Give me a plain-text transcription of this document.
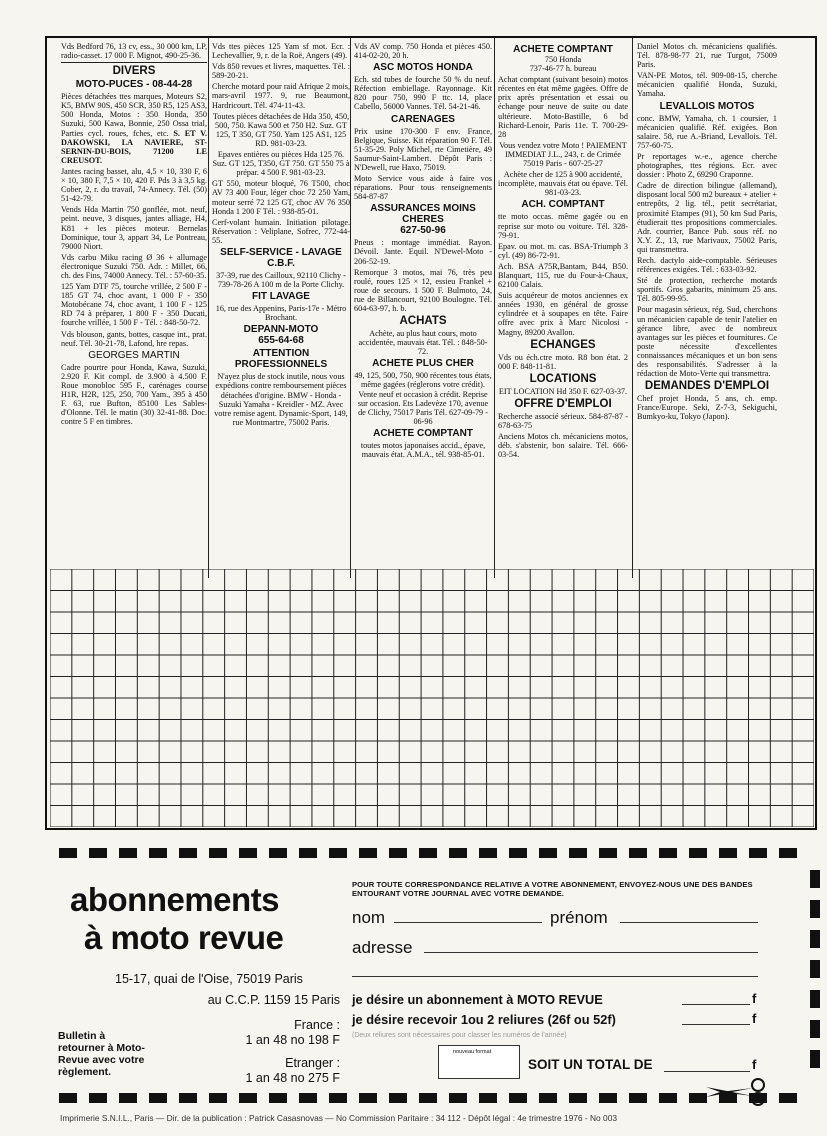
Vds Bedford 76, 13 cv, ess., 30 000 km, LP, radio-casset. 17 000 F. Mignot, 490-25-36.

DIVERS
MOTO-PUCES - 08-44-28

Pièces détachées ttes marques, Moteurs S2, K5, BMW 90S, 450 SCR, 350 R5, 125 AS3, 500 Honda, Motos : 350 Honda, 350 Suzuki, 500 Kawa, Bonnie, 250 Ossa trial, Parties cycl. roues, fches, etc. S. ET V. DAKOWSKI, LA NAVIERE, ST-SERNIN-DU-BOIS, 71200 LE CREUSOT.

Jantes racing basset, alu, 4,5 × 10, 330 F, 6 × 10, 380 F, 7,5 × 10, 420 F. Pds 3 à 3,5 kg. Cober, 2, r. du travail, 74-Annecy. Tél. (50) 51-42-79.

Vends Hda Martin 750 gonflée, mot. neuf, peint. neuve, 3 disques, jantes alliage, H4, K81 + les pièces moteur. Bernelas Dominique, tour 3, appart 34, Le Pontreau, 79000 Niort.

Vds carbu Miku racing Ø 36 + allumage électronique Suzuki 750. Adr. : Millet, 66, ch. des Fins, 74000 Annecy. Tél. : 57-60-35.

125 Yam DTF 75, tourche vrillée, 2 500 F - 185 GT 74, choc avant, 1 000 F - 350 Motobécane 74, choc avant, 1 100 F - 125 RD 74 à préparer, 1 800 F - 350 Ducati, fourche vrillée, 1 500 F - Tél. : 848-50-72.

Vds blouson, gants, bottes, casque int., prat. neuf. Tél. 30-21-78, Lafond, hre repas.

GEORGES MARTIN

Cadre pourtre pour Honda, Kawa, Suzuki, 2.920 F. Kit compl. de 3.900 à 4.500 F. Roue monobloc 595 F., carénages course H1R, H2R, 125, 250, 700 Yam., 395 à 450 F. 63, rue Bufton, 85100 Les Sables-d'Olonne. Tél. le matin (30) 32-41-88. Doc. contre 5 F en timbres.

Vds ttes pièces 125 Yam sf mot. Ecr. : Lechevallier, 9, r. de la Roë, Angers (49).

Vds 850 revues et livres, maquettes. Tél. : 589-20-21.

Cherche motard pour raid Afrique 2 mois, mars-avril 1977. 9, rue Beaumont, Hardricourt. Tél. 474-11-43.

Toutes pièces détachées de Hda 350, 450, 500, 750. Kawa 500 et 750 H2. Suz. GT 125, T 350, GT 750. Yam 125 AS1, 125 RD. 981-03-23.

Epaves entières ou pièces Hda 125 76. Suz. GT 125, T350, GT 750. GT 550 75 à prépar. 4 500 F. 981-03-23.

GT 550, moteur bloqué, 76 T500, choc AV 73 400 Four, léger choc 72 250 Yam, moteur serré 72 125 GT, choc AV 76 350 Honda 1 200 F Tél. : 938-85-01.

Cerf-volant humain. Initiation pilotage. Réservation : Veliplane, Sofrec, 772-44-55.

SELF-SERVICE - LAVAGE C.B.F.

37-39, rue des Cailloux, 92110 Clichy - 739-78-26 A 100 m de la Porte Clichy.

FIT LAVAGE

16, rue des Appenins, Paris-17e - Métro Brochant.

DEPANN-MOTO
655-64-68
ATTENTION PROFESSIONNELS

N'ayez plus de stock inutile, nous vous expédions contre remboursement pièces détachées d'origine. BMW - Honda - Suzuki Yamaha - Kreidler - MZ. Avec votre remise agent. Dynamic-Sport, 149, rue Montmartre, 75002 Paris.

Vds AV comp. 750 Honda et pièces 450. 414-02-20, 20 h.

ASC MOTOS HONDA

Ech. std tubes de fourche 50 % du neuf. Réfection embiellage. Rayonnage. Kit 820 pour 750, 990 F ttc. 14, place Cabello, 56000 Vannes. Tél. 54-21-46.

CARENAGES

Prix usine 170-300 F env. France, Belgique, Suisse. Kit réparation 90 F. Tél. 51-35-29. Poly Michel, rte Cimetière, 49 Saumur-Saint-Lambert. Dépôt Paris : N'Dewell, rue Haxo, 75019.

Moto Service vous aide à faire vos réparations. Pour tous renseignements 584-87-87

ASSURANCES MOINS CHERES
627-50-96

Pneus : montage immédiat. Rayon. Dévoil. Jante. Equil. N'Dewel-Moto - 206-52-19.

Remorque 3 motos, mai 76, très peu roulé, roues 125 × 12, essieu Frankel + roue de secours. 1 500 F. Bulmoto, 24, rue de Billancourt, 92100 Boulogne. Tél. 604-63-97, h. b.

ACHATS

Achète, au plus haut cours, moto accidentée, mauvais état. Tél. : 848-50-72.

ACHETE PLUS CHER

49, 125, 500, 750, 900 récentes tous états, même gagées (réglerons votre crédit). Vente neuf et occasion à crédit. Reprise sur occasion. Ets Ladevèze 170, avenue de Clichy, 75017 Paris Tél. 627-09-79 - 06-96

ACHETE COMPTANT

toutes motos japonaises accid., épave, mauvais état. A.M.A., tél. 938-85-01.

ACHETE COMPTANT

750 Honda

737-46-77 h. bureau

Achat comptant (suivant besoin) motos récentes en état même gagées. Offre de prix après présentation et essai ou échange pour neuve de suite ou date ultérieure. Moto-Bastille, 6 bd Richard-Lenoir, Paris 11e. T. 700-29-28

Vous vendez votre Moto ! PAIEMENT IMMEDIAT J.L., 243, r. de Crimée 75019 Paris - 607-25-27

Achète cher de 125 à 900 accidenté, incomplète, mauvais état ou épave. Tél. 981-03-23.

ACH. COMPTANT

tte moto occas. même gagée ou en reprise sur moto ou voiture. Tél. 328-79-91.

Epav. ou mot. m. cas. BSA-Triumph 3 cyl. (49) 86-72-91.

Ach. BSA A75R,Bantam, B44, B50. Blanquart, 115, rue du Four-à-Chaux, 62100 Calais.

Suis acquéreur de motos anciennes ex années 1930, en général de grosse cylindrée et à soupapes en tête. Faire offre avec prix à Marc Nicolosi - Magny, 89200 Avallon.

ECHANGES

Vds ou éch.ctre moto. R8 bon état. 2 000 F. 848-11-81.

LOCATIONS

EIT LOCATION Hd 350 F. 627-03-37.

OFFRE D'EMPLOI

Recherche associé sérieux. 584-87-87 - 678-63-75

Anciens Motos ch. mécaniciens motos, déb. s'abstenir, bon salaire. Tél. 666-03-54.

Daniel Motos ch. mécaniciens qualifiés. Tél. 878-98-77 21, rue Turgot, 75009 Paris.

VAN-PE Motos, tél. 909-08-15, cherche mécanicien qualifié Honda, Suzuki, Yamaha.

LEVALLOIS MOTOS

conc. BMW, Yamaha, ch. 1 coursier, 1 mécanicien qualifié. Réf. exigées. Bon salaire. 58, rue A.-Briand, Levallois. Tél. 757-60-75.

Pr reportages w.-e., agence cherche photographes, ttes régions. Ecr. avec dossier : Photo Z, 69290 Craponne.

Cadre de direction bilingue (allemand), disposant local 500 m2 bureaux + atelier + entrepôts, 2 lig. tél., petit secrétariat, proximité Etampes (91), 50 km Sud Paris, étudierait ttes propositions commerciales. Adr. courrier, Bance Pub. sous réf. no X.Y. Z., 13, rue Marivaux, 75002 Paris, qui transmettra.

Rech. dactylo aide-comptable. Sérieuses références exigées. Tél. : 633-03-92.

Sté de protection, recherche motards sportifs. Gros gabarits, minimum 25 ans. Tél. 805-99-95.

Pour magasin sérieux, rég. Sud, cherchons un mécanicien capable de tenir l'atelier en gérance libre, avec de nombreux avantages sur les pièces et fournitures. Ce poste nécessite d'excellentes connaissances mécaniques et un bon sens des responsabilités. S'adresser à la rédaction de Moto-Verte qui transmettra.

DEMANDES D'EMPLOI

Chef projet Honda, 5 ans, ch. emp. France/Europe. Seki, Z-7-3, Sekiguchi, Bumkyo-ku, Tokyo (Japon).

abonnements
à moto revue
15-17, quai de l'Oise, 75019 Paris
au C.C.P. 1159 15 Paris
France :
1 an 48 no 198 F
Etranger :
1 an 48 no 275 F
Bulletin à retourner à Moto-Revue avec votre règlement.
POUR TOUTE CORRESPONDANCE RELATIVE A VOTRE ABONNEMENT, ENVOYEZ-NOUS UNE DES BANDES ENTOURANT VOTRE JOURNAL AVEC VOTRE DEMANDE.
nom	prénom
adresse
je désire un abonnement à MOTO REVUE	f
je désire recevoir 1ou 2 reliures (26f ou 52f)	f
(Deux reliures sont nécessaires pour classer les numéros de l'année)
nouveau format
SOIT UN TOTAL DE	f
Imprimerie S.N.I.L., Paris — Dir. de la publication : Patrick Casasnovas — No Commission Paritaire : 34 112 - Dépôt légal : 4e trimestre 1976 - No 003
